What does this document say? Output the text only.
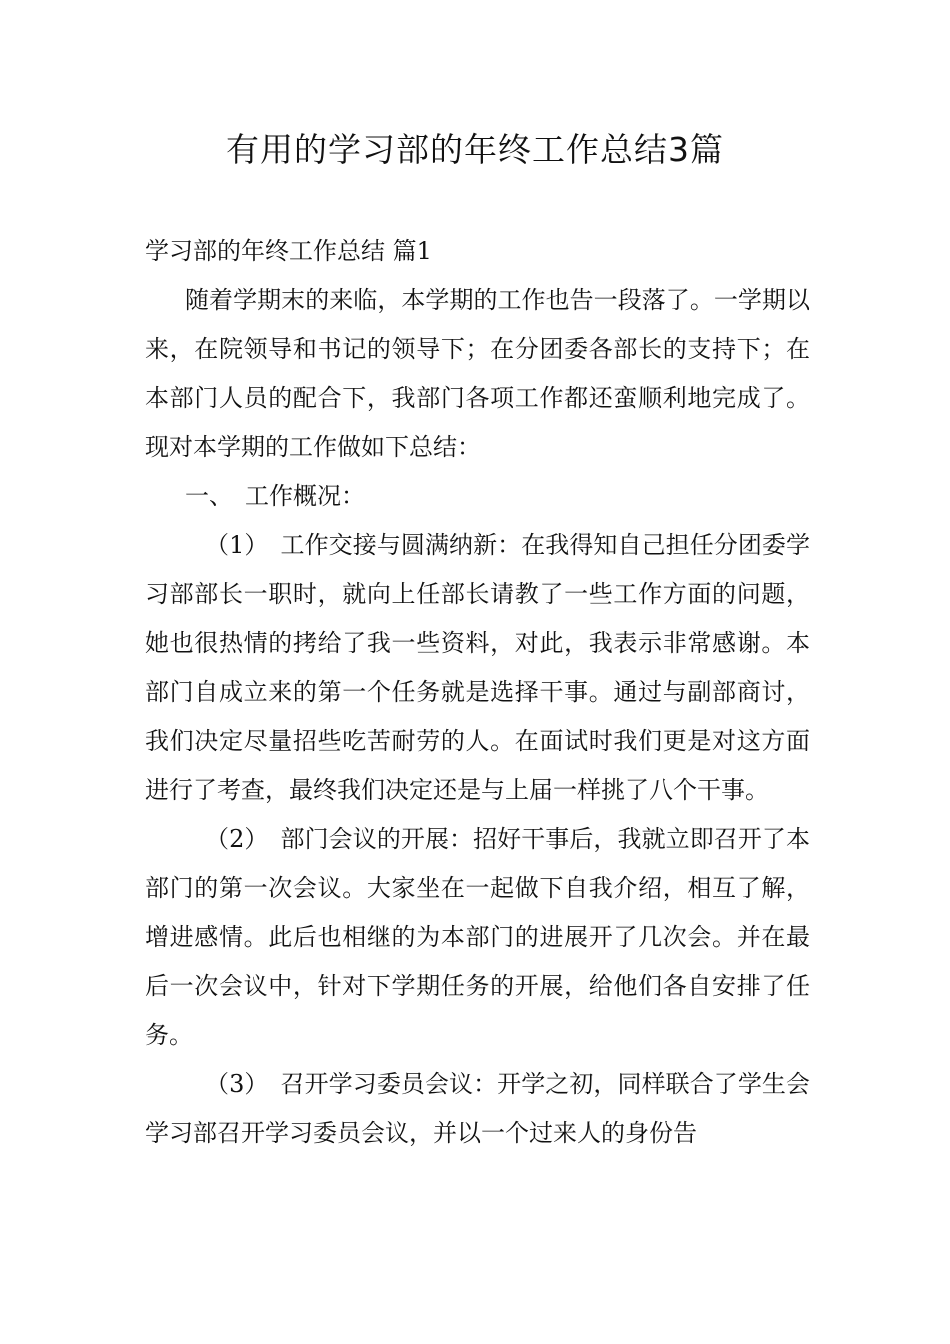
有用的学习部的年终工作总结3篇

学习部的年终工作总结 篇1

随着学期末的来临，本学期的工作也告一段落了。一学期以来，在院领导和书记的领导下；在分团委各部长的支持下；在本部门人员的配合下，我部门各项工作都还蛮顺利地完成了。现对本学期的工作做如下总结：

一、　工作概况：

（1）　工作交接与圆满纳新：在我得知自己担任分团委学习部部长一职时，就向上任部长请教了一些工作方面的问题，她也很热情的拷给了我一些资料，对此，我表示非常感谢。本部门自成立来的第一个任务就是选择干事。通过与副部商讨，我们决定尽量招些吃苦耐劳的人。在面试时我们更是对这方面进行了考查，最终我们决定还是与上届一样挑了八个干事。

（2）　部门会议的开展：招好干事后，我就立即召开了本部门的第一次会议。大家坐在一起做下自我介绍，相互了解，增进感情。此后也相继的为本部门的进展开了几次会。并在最后一次会议中，针对下学期任务的开展，给他们各自安排了任务。

（3）　召开学习委员会议：开学之初，同样联合了学生会学习部召开学习委员会议，并以一个过来人的身份告
